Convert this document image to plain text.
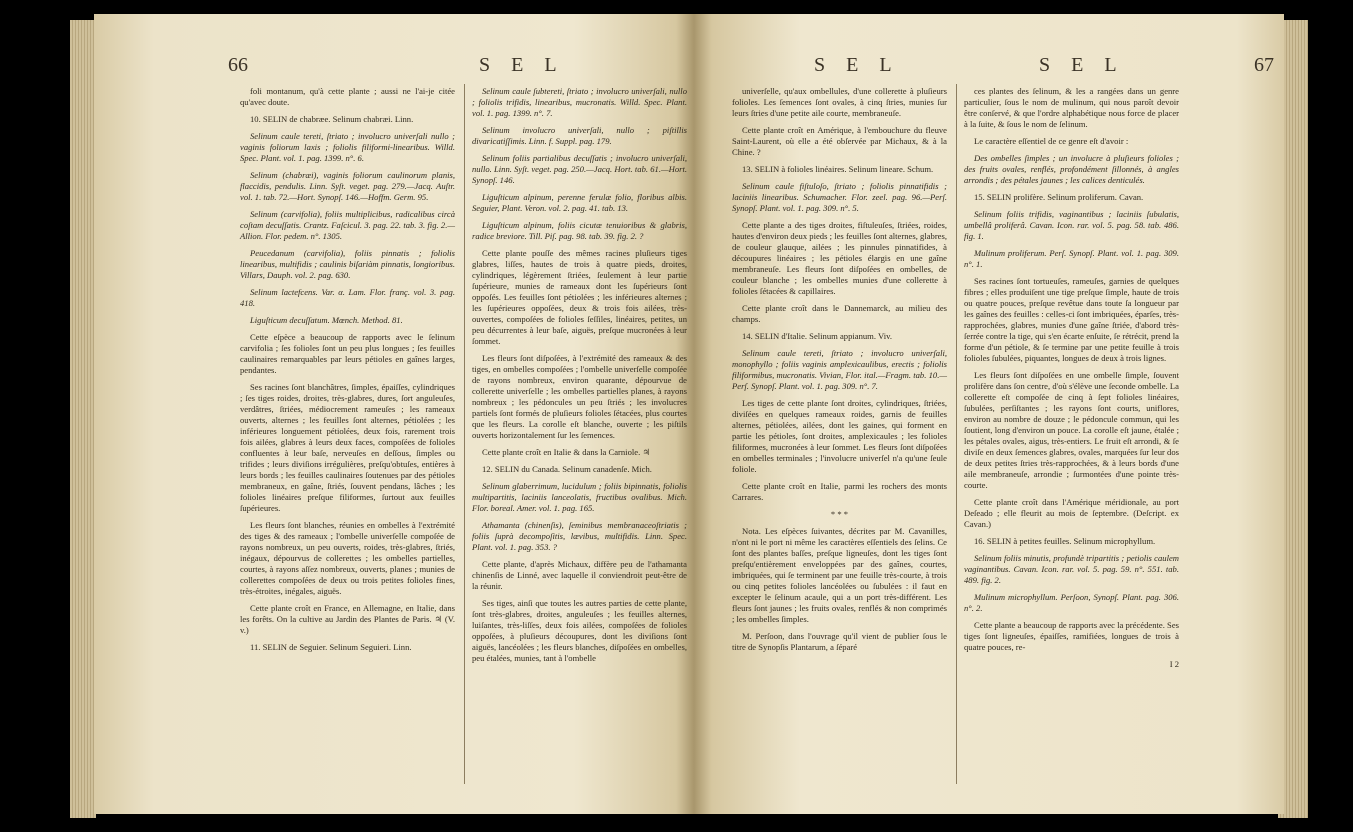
66	S E L

foli montanum, qu'à cette plante ; aussi ne l'ai-je citée qu'avec doute.

10. SELIN de chabræe. Selinum chabræi. Linn.

Selinum caule tereti, ſtriato ; involucro univerſali nullo ; vaginis foliorum laxis ; foliolis filiformi-linearibus. Willd. Spec. Plant. vol. 1. pag. 1399. n°. 6.

Selinum (chabræi), vaginis foliorum caulinorum planis, flaccidis, pendulis. Linn. Syſt. veget. pag. 279.—Jacq. Auſtr. vol. 1. tab. 72.—Hort. Synopſ. 146.—Hoffm. Germ. 95.

Selinum (carvifolia), foliis multiplicibus, radicalibus circà coſtam decuſſatis. Crantz. Faſcicul. 3. pag. 22. tab. 3. fig. 2.—Allion. Flor. pedem. n°. 1305.

Peucedanum (carvifolia), foliis pinnatis ; foliolis linearibus, multifidis ; caulinis biſariàm pinnatis, longioribus. Villars, Dauph. vol. 2. pag. 630.

Selinum lactefcens. Var. α. Lam. Flor. franç. vol. 3. pag. 418.

Liguſticum decuſſatum. Mœnch. Method. 81.

Cette eſpèce a beaucoup de rapports avec le ſelinum carvifolia ; ſes folioles ſont un peu plus longues ; ſes feuilles caulinaires remarquables par leurs pétioles en gaînes larges, pendantes.

Ses racines ſont blanchâtres, ſimples, épaiſſes, cylindriques ; ſes tiges roides, droites, très-glabres, dures, ſort anguleuſes, verdâtres, ſtriées, médiocrement rameuſes ; les rameaux ouverts, alternes ; les feuilles ſont alternes, pétiolées ; les inférieures longuement pétiolées, deux fois, rarement trois fois ailées, glabres à leurs deux faces, compoſées de folioles confluentes à leur baſe, nerveuſes en deſſous, ſimples ou trifides ; leurs diviſions irrégulières, preſqu'obtuſes, entières à leurs bords ; les feuilles caulinaires ſoutenues par des pétioles membraneux, en gaîne, ſtriés, ſouvent pendans, lâches ; les folioles linéaires preſque filiformes, ſurtout aux feuilles ſupérieures.

Les fleurs ſont blanches, réunies en ombelles à l'extrémité des tiges & des rameaux ; l'ombelle univerſelle compoſée de rayons nombreux, un peu ouverts, roides, très-glabres, ſtriés, inégaux, dépourvus de collerettes ; les ombelles partielles, courtes, à rayons aſſez nombreux, ouverts, planes ; munies de collerettes compoſées de deux ou trois petites folioles fines, très-étroites, inégales, aiguës.

Cette plante croît en France, en Allemagne, en Italie, dans les forêts. On la cultive au Jardin des Plantes de Paris. ♃ (V. v.)

11. SELIN de Seguier. Selinum Seguieri. Linn.

Selinum caule ſubtereti, ſtriato ; involucro univerſali, nullo ; foliolis trifidis, linearibus, mucronatis. Willd. Spec. Plant. vol. 1. pag. 1399. n°. 7.

Selinum involucro univerſali, nullo ; piſtillis divaricatiſſimis. Linn. f. Suppl. pag. 179.

Selinum foliis partialibus decuſſatis ; involucro univerſali, nullo. Linn. Syſt. veget. pag. 250.—Jacq. Hort. tab. 61.—Hort. Synopſ. 146.

Liguſticum alpinum, perenne ferulæ folio, floribus albis. Seguier, Plant. Veron. vol. 2. pag. 41. tab. 13.

Liguſticum alpinum, foliis cicutæ tenuioribus & glabris, radice breviore. Till. Piſ. pag. 98. tab. 39. fig. 2. ?

Cette plante pouſſe des mêmes racines pluſieurs tiges glabres, liſſes, hautes de trois à quatre pieds, droites, cylindriques, légèrement ſtriées, ſeulement à leur partie ſupérieure, munies de rameaux dont les ſupérieurs ſont oppoſés. Les feuilles ſont pétiolées ; les inférieures alternes ; les ſupérieures oppoſées, deux & trois fois ailées, très-ouvertes, compoſées de folioles ſeſſiles, linéaires, petites, un peu décurrentes à leur baſe, aiguës, preſque mucronées à leur ſommet.

Les fleurs ſont diſpoſées, à l'extrémité des rameaux & des tiges, en ombelles compoſées ; l'ombelle univerſelle compoſée de rayons nombreux, environ quarante, dépourvue de collerette univerſelle ; les ombelles partielles planes, à rayons nombreux ; les pédoncules un peu ſtriés ; les involucres partiels ſont formés de pluſieurs folioles ſétacées, plus courtes que les fleurs. La corolle eſt blanche, ouverte ; les piſtils ouverts horizontalement ſur les ſemences.

Cette plante croît en Italie & dans la Carniole. ♃

12. SELIN du Canada. Selinum canadenſe. Mich.

Selinum glaberrimum, lucidulum ; foliis bipinnatis, foliolis multipartitis, laciniis lanceolatis, fructibus ovalibus. Mich. Flor. boreal. Amer. vol. 1. pag. 165.

Athamanta (chinenſis), ſeminibus membranaceoſtriatis ; foliis ſuprà decompoſitis, lævibus, multifidis. Linn. Spec. Plant. vol. 1. pag. 353. ?

Cette plante, d'après Michaux, diffère peu de l'athamanta chinenſis de Linné, avec laquelle il conviendroit peut-être de la réunir.

Ses tiges, ainſi que toutes les autres parties de cette plante, ſont très-glabres, droites, anguleuſes ; les feuilles alternes, luiſantes, très-liſſes, deux fois ailées, compoſées de folioles oppoſées, à pluſieurs découpures, dont les diviſions ſont aiguës, lancéolées ; les fleurs blanches, diſpoſées en ombelles, peu étalées, munies, tant à l'ombelle

S E L	S E L	67

univerſelle, qu'aux ombellules, d'une collerette à pluſieurs folioles. Les ſemences ſont ovales, à cinq ſtries, munies ſur leurs ſtries d'une petite aile courte, membraneuſe.

Cette plante croît en Amérique, à l'embouchure du fleuve Saint-Laurent, où elle a été obſervée par Michaux, & à la Chine. ?

13. SELIN à folioles linéaires. Selinum lineare. Schum.

Selinum caule fiſtuloſo, ſtriato ; foliolis pinnatifidis ; laciniis linearibus. Schumacher. Flor. zeel. pag. 96.—Perſ. Synopſ. Plant. vol. 1. pag. 309. n°. 5.

Cette plante a des tiges droites, fiſtuleuſes, ſtriées, roides, hautes d'environ deux pieds ; les feuilles ſont alternes, glabres, de couleur glauque, ailées ; les pinnules pinnatifides, à découpures linéaires ; les pétioles élargis en une gaîne membraneuſe. Les fleurs ſont diſpoſées en ombelles, de couleur blanche ; les ombelles munies d'une collerette à folioles ſétacées & capillaires.

Cette plante croît dans le Dannemarck, au milieu des champs.

14. SELIN d'Italie. Selinum appianum. Viv.

Selinum caule tereti, ſtriato ; involucro univerſali, monophyllo ; foliis vaginis amplexicaulibus, erectis ; foliolis filiformibus, mucronatis. Vivian, Flor. ital.—Fragm. tab. 10.—Perſ. Synopſ. Plant. vol. 1. pag. 309. n°. 7.

Les tiges de cette plante ſont droites, cylindriques, ſtriées, diviſées en quelques rameaux roides, garnis de feuilles alternes, pétiolées, ailées, dont les gaines, qui forment en partie les pétioles, ſont droites, amplexicaules ; les folioles filiformes, mucronées à leur ſommet. Les fleurs ſont diſpoſées en ombelles terminales ; l'involucre univerſel n'a qu'une ſeule foliole.

Cette plante croît en Italie, parmi les rochers des monts Carrares.

* * *

Nota. Les eſpèces ſuivantes, décrites par M. Cavanilles, n'ont ni le port ni même les caractères eſſentiels des ſelins. Ce ſont des plantes baſſes, preſque ligneuſes, dont les tiges ſont preſqu'entièrement enveloppées par des gaînes, courtes, imbriquées, qui ſe terminent par une feuille très-courte, à trois ou cinq petites folioles lancéolées ou ſubulées : il faut en excepter le ſelinum acaule, qui a un port très-différent. Les fleurs ſont jaunes ; les fruits ovales, renflés & non comprimés ; les ombelles ſimples.

M. Perſoon, dans l'ouvrage qu'il vient de publier ſous le titre de Synopſis Plantarum, a ſéparé

ces plantes des ſelinum, & les a rangées dans un genre particulier, ſous le nom de mulinum, qui nous paroît devoir être conſervé, & que l'ordre alphabétique nous force de placer à la ſuite, & ſous le nom de ſelinum.

Le caractère eſſentiel de ce genre eſt d'avoir :

Des ombelles ſimples ; un involucre à pluſieurs folioles ; des fruits ovales, renflés, profondément ſillonnés, à angles arrondis ; des pétales jaunes ; les calices denticulés.

15. SELIN prolifère. Selinum proliferum. Cavan.

Selinum foliis trifidis, vaginantibus ; laciniis ſubulatis, umbellâ proliferâ. Cavan. Icon. rar. vol. 5. pag. 58. tab. 486. fig. 1.

Mulinum proliferum. Perſ. Synopſ. Plant. vol. 1. pag. 309. n°. 1.

Ses racines ſont tortueuſes, rameuſes, garnies de quelques fibres ; elles produiſent une tige preſque ſimple, haute de trois ou quatre pouces, preſque revêtue dans toute ſa longueur par les gaînes des feuilles : celles-ci ſont imbriquées, éparſes, très-rapprochées, glabres, munies d'une gaîne ſtriée, d'abord très-ſerrée contre la tige, qui s'en écarte enſuite, ſe rétrécit, prend la forme d'un pétiole, & ſe termine par une petite feuille à trois folioles ſubulées, piquantes, longues de deux à trois lignes.

Les fleurs ſont diſpoſées en une ombelle ſimple, ſouvent prolifère dans ſon centre, d'où s'élève une ſeconde ombelle. La collerette eſt compoſée de cinq à ſept folioles linéaires, ſubulées, perſiſtantes ; les rayons ſont courts, uniflores, environ au nombre de douze ; le pédoncule commun, qui les ſoutient, long d'environ un pouce. La corolle eſt jaune, étalée ; les pétales ovales, aigus, très-entiers. Le fruit eſt arrondi, & ſe diviſe en deux ſemences glabres, ovales, marquées ſur leur dos de deux petites ſtries très-rapprochées, & à leurs bords d'une aile membraneuſe, arrondie ; ſurmontées d'une pointe très-courte.

Cette plante croît dans l'Amérique méridionale, au port Deſeado ; elle fleurit au mois de ſeptembre. (Deſcript. ex Cavan.)

16. SELIN à petites feuilles. Selinum microphyllum.

Selinum foliis minutis, profundè tripartitis ; petiolis caulem vaginantibus. Cavan. Icon. rar. vol. 5. pag. 59. n°. 551. tab. 489. fig. 2.

Mulinum microphyllum. Perſoon, Synopſ. Plant. pag. 306. n°. 2.

Cette plante a beaucoup de rapports avec la précédente. Ses tiges ſont ligneuſes, épaiſſes, ramifiées, longues de trois à quatre pouces, re-

I 2
